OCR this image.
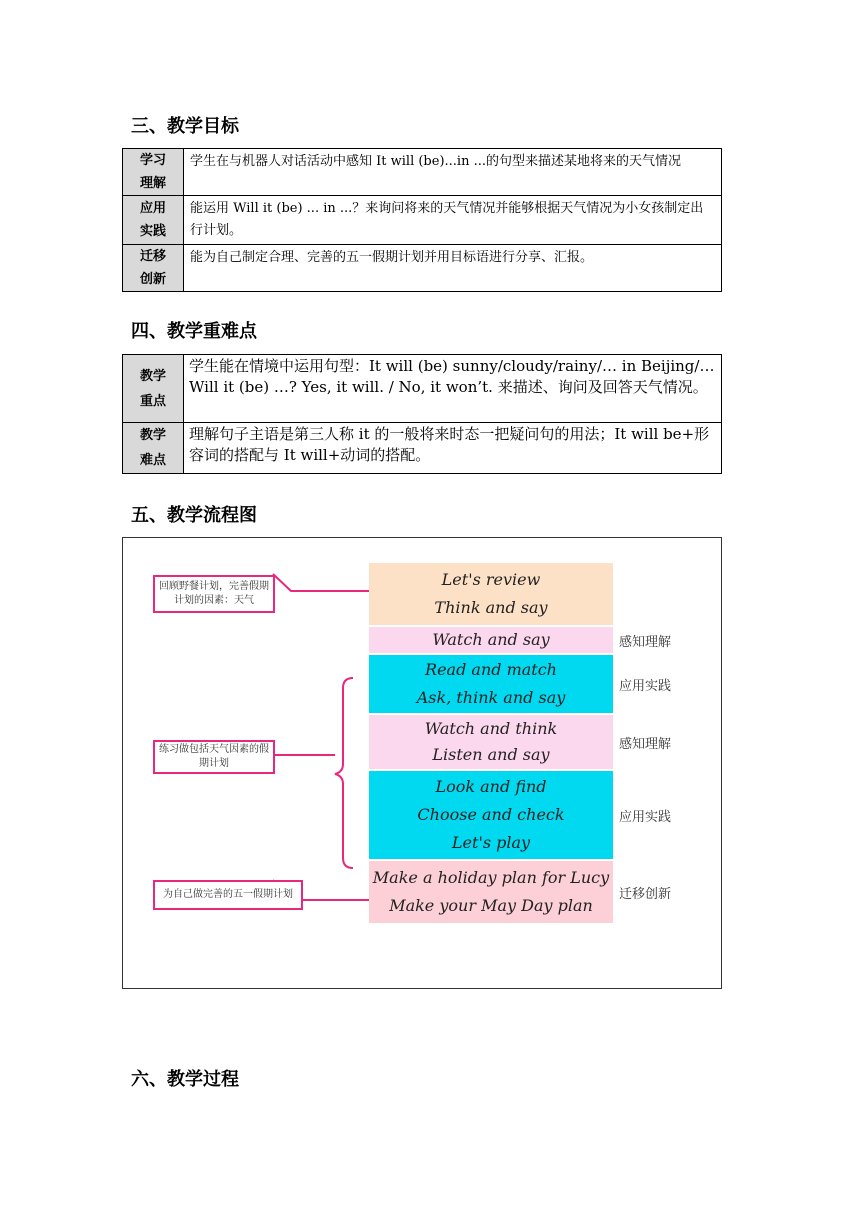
三、教学目标
学习
理解	学生在与机器人对话活动中感知 It will (be)...in ...的句型来描述某地将来的天气情况

应用
实践	能运用 Will it (be) ... in ...？来询问将来的天气情况并能够根据天气情况为小女孩制定出行计划。

迁移
创新	能为自己制定合理、完善的五一假期计划并用目标语进行分享、汇报。
四、教学重难点
教学
重点	学生能在情境中运用句型：It will (be) sunny/cloudy/rainy/… in Beijing/…Will it (be) …? Yes, it will. / No, it won’t. 来描述、询问及回答天气情况。

教学
难点	理解句子主语是第三人称 it 的一般将来时态一把疑问句的用法；It will be+形容词的搭配与 It will+动词的搭配。
五、教学流程图
回顾野餐计划，完善假期计划的因素：天气
练习做包括天气因素的假期计划
为自己做完善的五一假期计划
Let's review
Think and say
Watch and say	感知理解
Read and match
Ask, think and say
应用实践
Watch and think
Listen and say
感知理解
Look and find
Choose and check
Let's play
应用实践
Make a holiday plan for Lucy
Make your May Day plan
迁移创新
六、教学过程
